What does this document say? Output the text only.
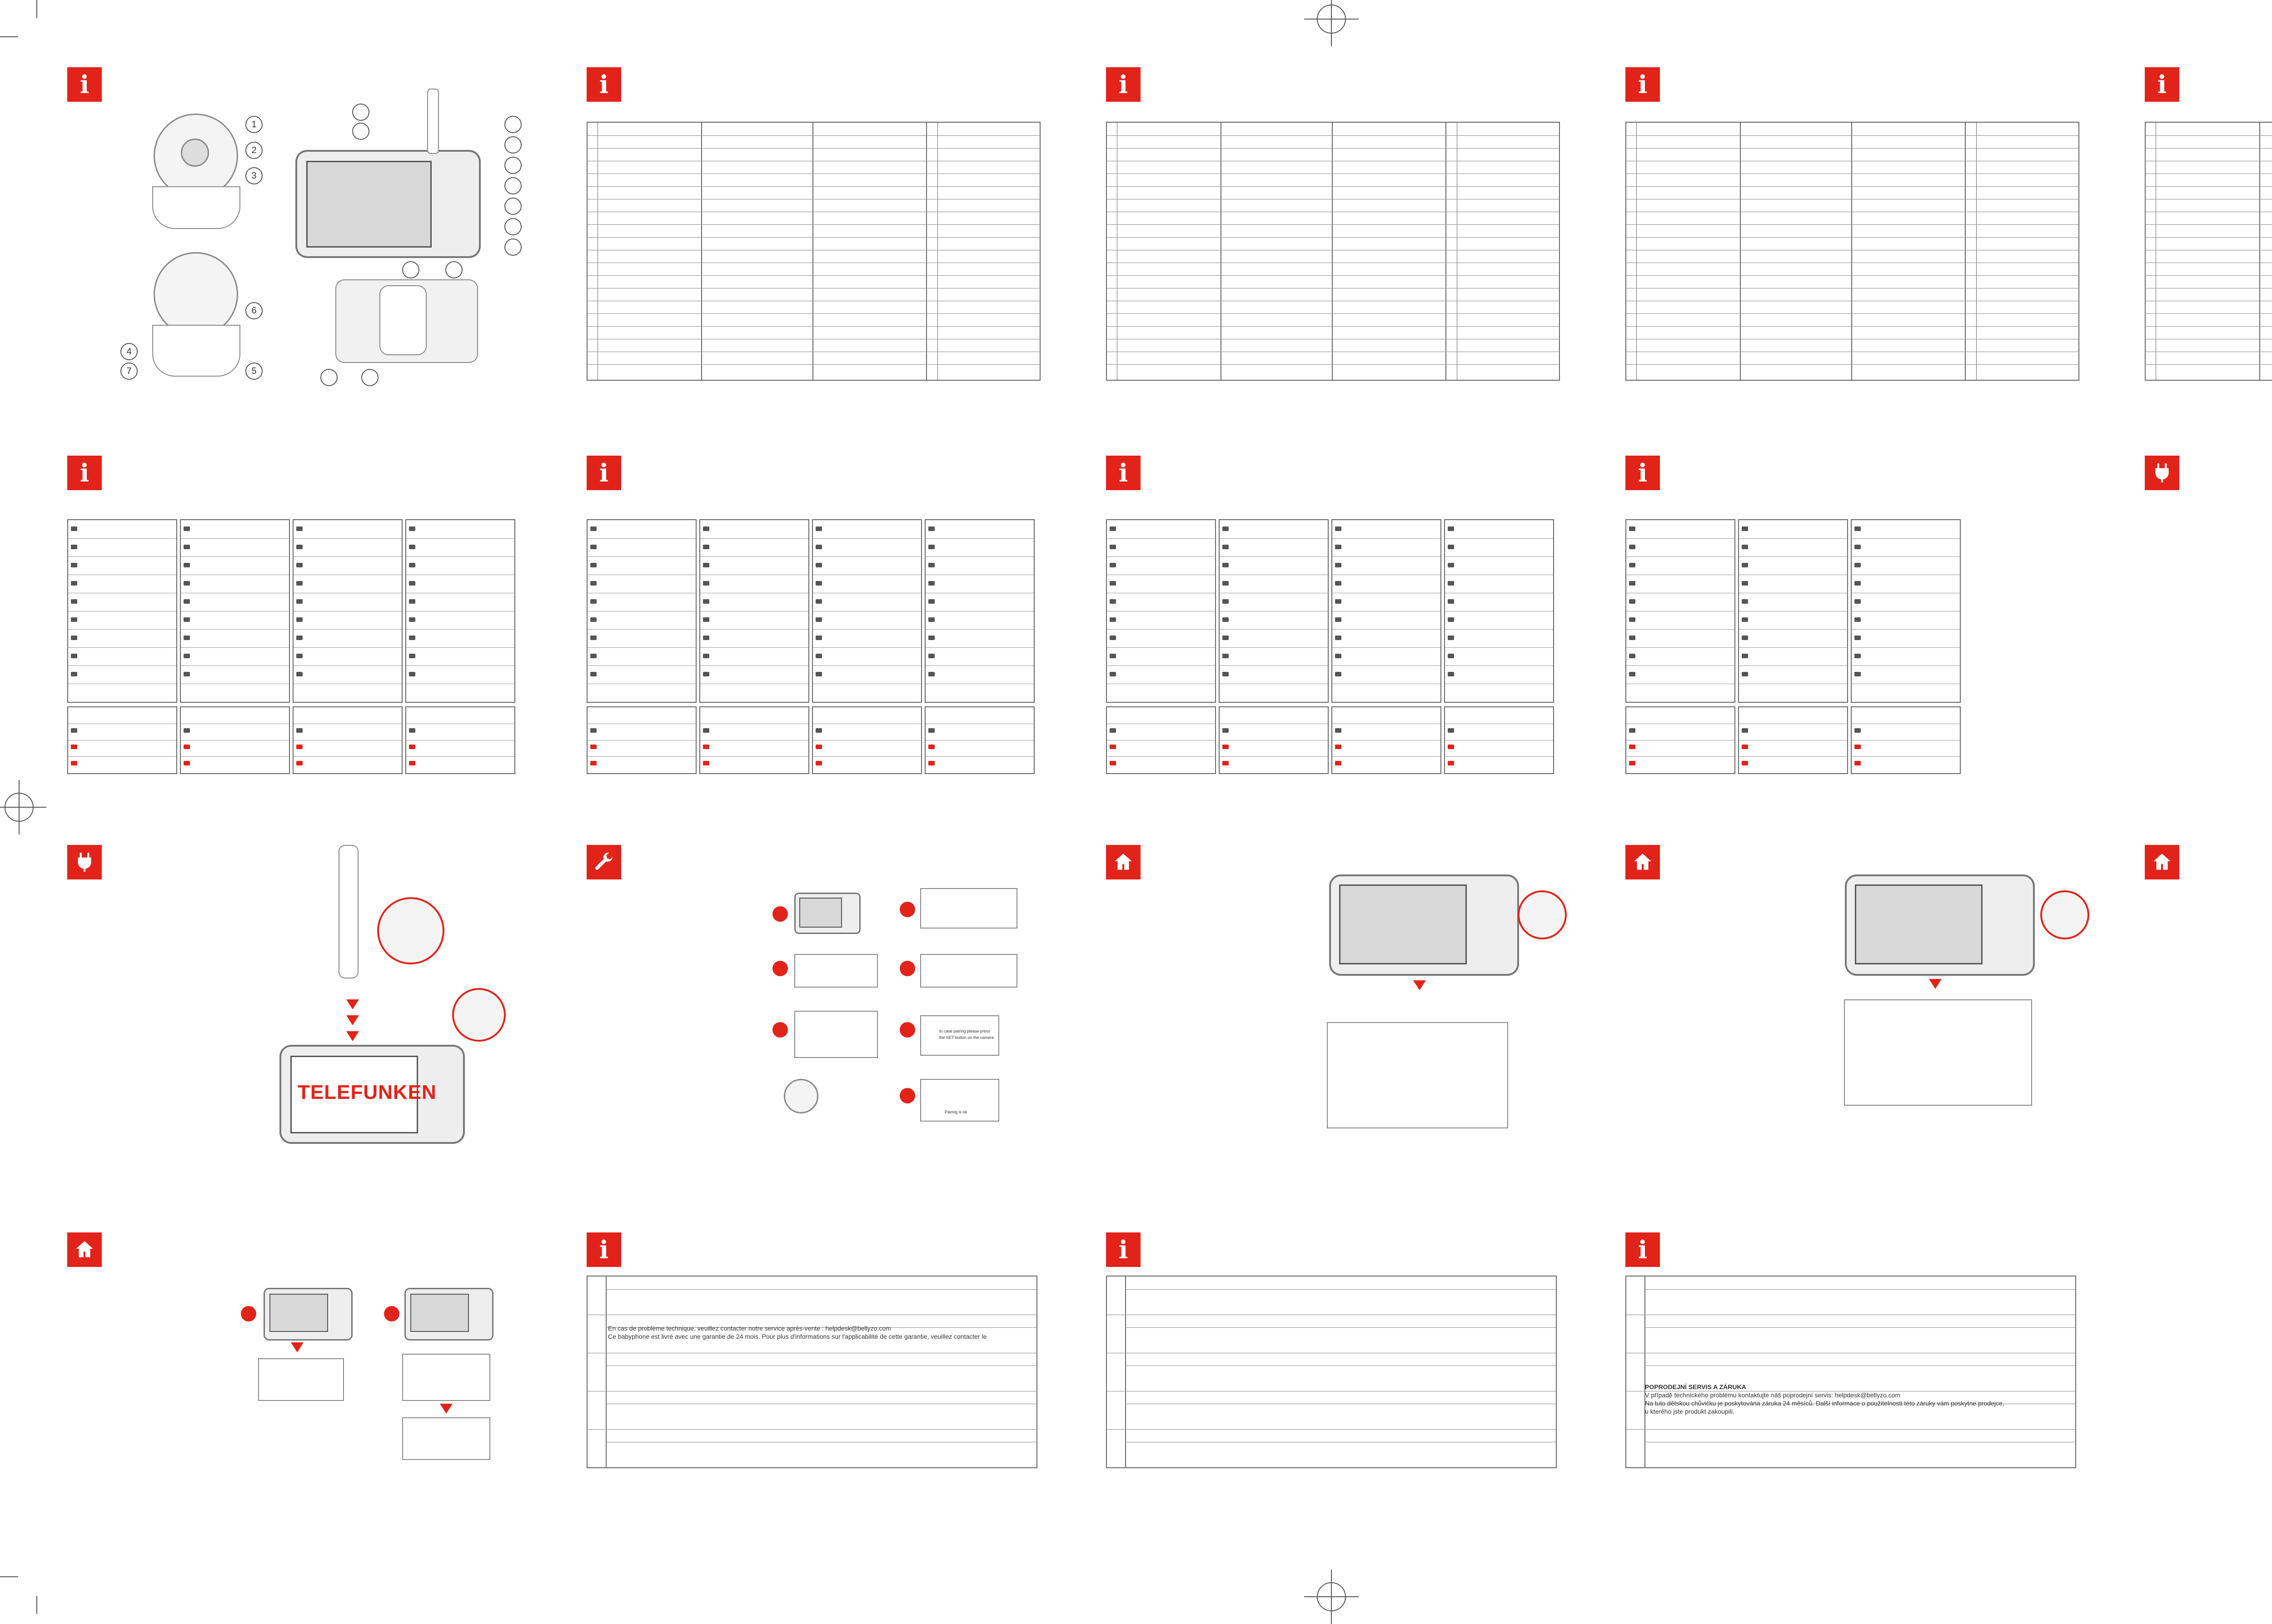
i	i	i	i	i
1
2
3
6
4
7	5
i	i	i	i
TELEFUNKEN
In case pairing please press
the SET button on the camera
Pairing is ok
i	i	i
En cas de problème technique, veuillez contacter notre service après-vente : helpdesk@bellyzo.com
Ce babyphone est livré avec une garantie de 24 mois. Pour plus d'informations sur l'applicabilité de cette garantie, veuillez contacter le
POPRODEJNÍ SERVIS A ZÁRUKA
V případě technického problému kontaktujte náš poprodejní servis: helpdesk@bellyzo.com
Na tuto dětskou chůvičku je poskytována záruka 24 měsíců. Další informace o použitelnosti této záruky vám poskytne prodejce,
u kterého jste produkt zakoupili.
